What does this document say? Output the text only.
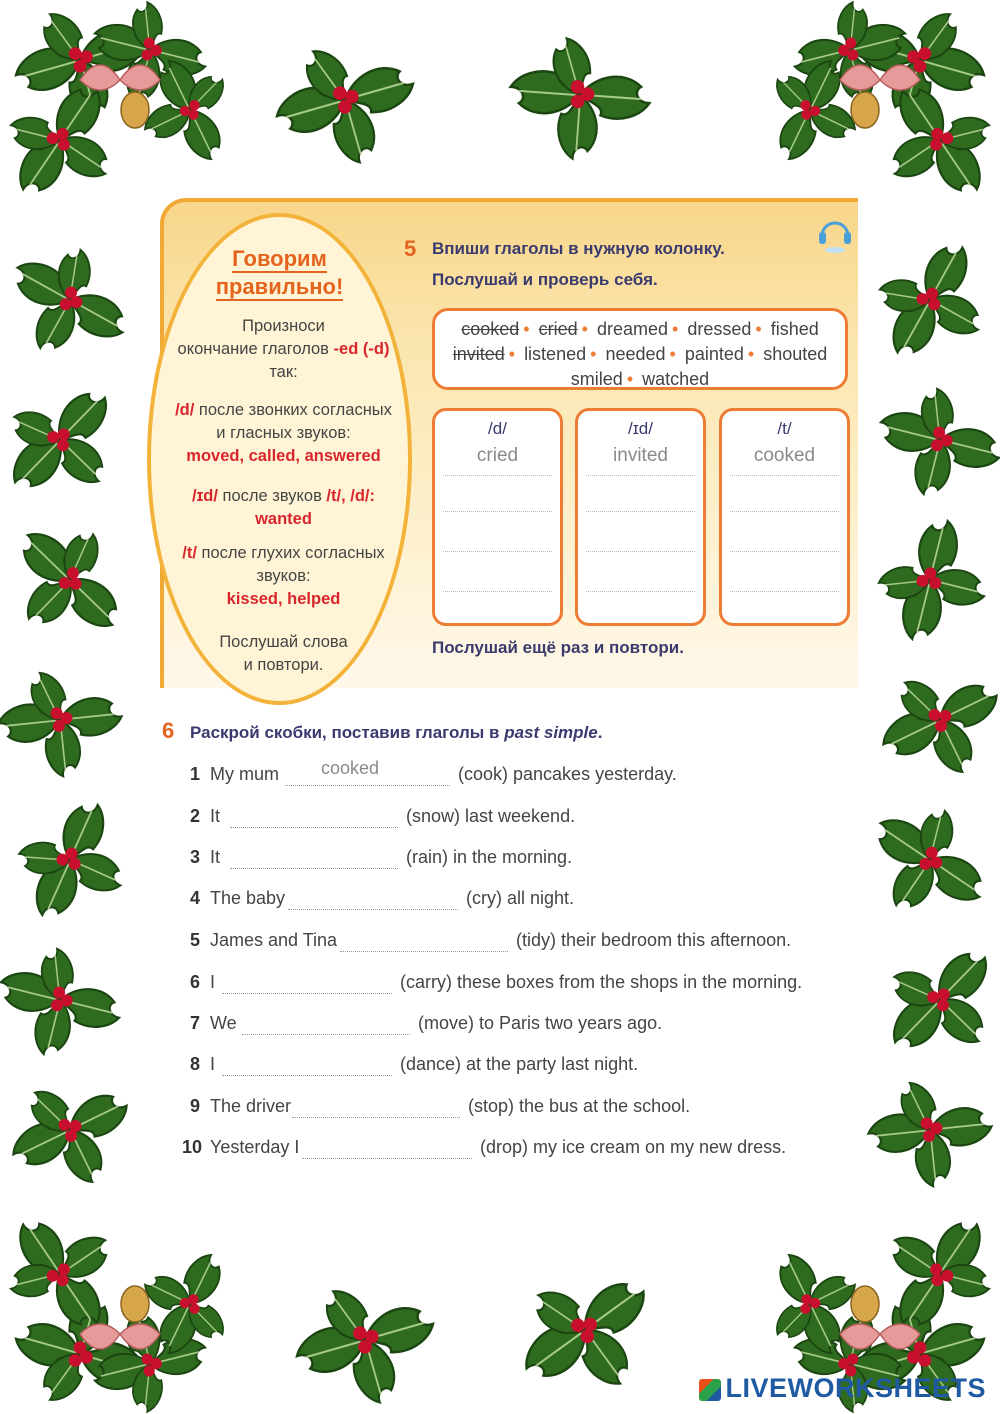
Говорим
правильно!
Произноси
окончание глаголов -ed (-d)
так:
/d/ после звонких согласных
и гласных звуков:
moved, called, answered
/ɪd/ после звуков /t/, /d/:
wanted
/t/ после глухих согласных
звуков:
kissed, helped
Послушай слова
и повтори.
5 Впиши глаголы в нужную колонку.
Послушай и проверь себя.
cooked • cried • dreamed • dressed • fished
invited • listened • needed • painted • shouted
smiled • watched
/d/
cried
/ɪd/
invited
/t/
cooked
Послушай ещё раз и повтори.
6 Раскрой скобки, поставив глаголы в past simple.
1 My mum cooked	(cook) pancakes yesterday.
2 It	(snow) last weekend.
3 It	(rain) in the morning.
4 The baby	(cry) all night.
5 James and Tina	(tidy) their bedroom this afternoon.
6 I	(carry) these boxes from the shops in the morning.
7 We	(move) to Paris two years ago.
8 I	(dance) at the party last night.
9 The driver	(stop) the bus at the school.
10 Yesterday I	(drop) my ice cream on my new dress.
LIVEWORKSHEETS
